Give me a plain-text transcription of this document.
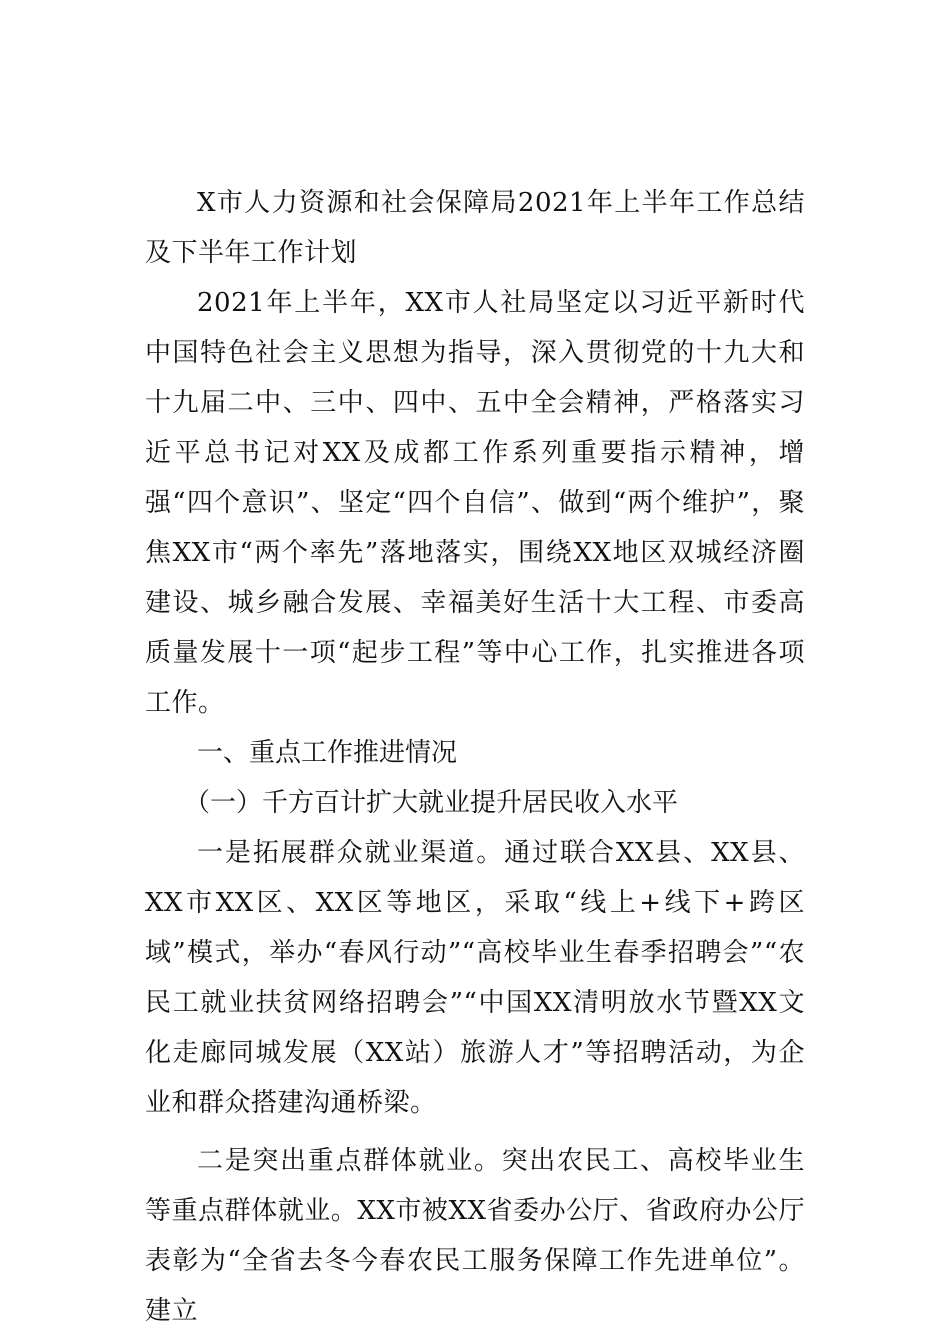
X市人力资源和社会保障局2021年上半年工作总结及下半年工作计划

2021年上半年，XX市人社局坚定以习近平新时代中国特色社会主义思想为指导，深入贯彻党的十九大和十九届二中、三中、四中、五中全会精神，严格落实习近平总书记对XX及成都工作系列重要指示精神，增强“四个意识”、坚定“四个自信”、做到“两个维护”，聚焦XX市“两个率先”落地落实，围绕XX地区双城经济圈建设、城乡融合发展、幸福美好生活十大工程、市委高质量发展十一项“起步工程”等中心工作，扎实推进各项工作。

一、重点工作推进情况

（一）千方百计扩大就业提升居民收入水平

一是拓展群众就业渠道。通过联合XX县、XX县、XX市XX区、XX区等地区，采取“线上+线下+跨区域”模式，举办“春风行动”“高校毕业生春季招聘会”“农民工就业扶贫网络招聘会”“中国XX清明放水节暨XX文化走廊同城发展（XX站）旅游人才”等招聘活动，为企业和群众搭建沟通桥梁。

二是突出重点群体就业。突出农民工、高校毕业生等重点群体就业。XX市被XX省委办公厅、省政府办公厅表彰为“全省去冬今春农民工服务保障工作先进单位”。建立
